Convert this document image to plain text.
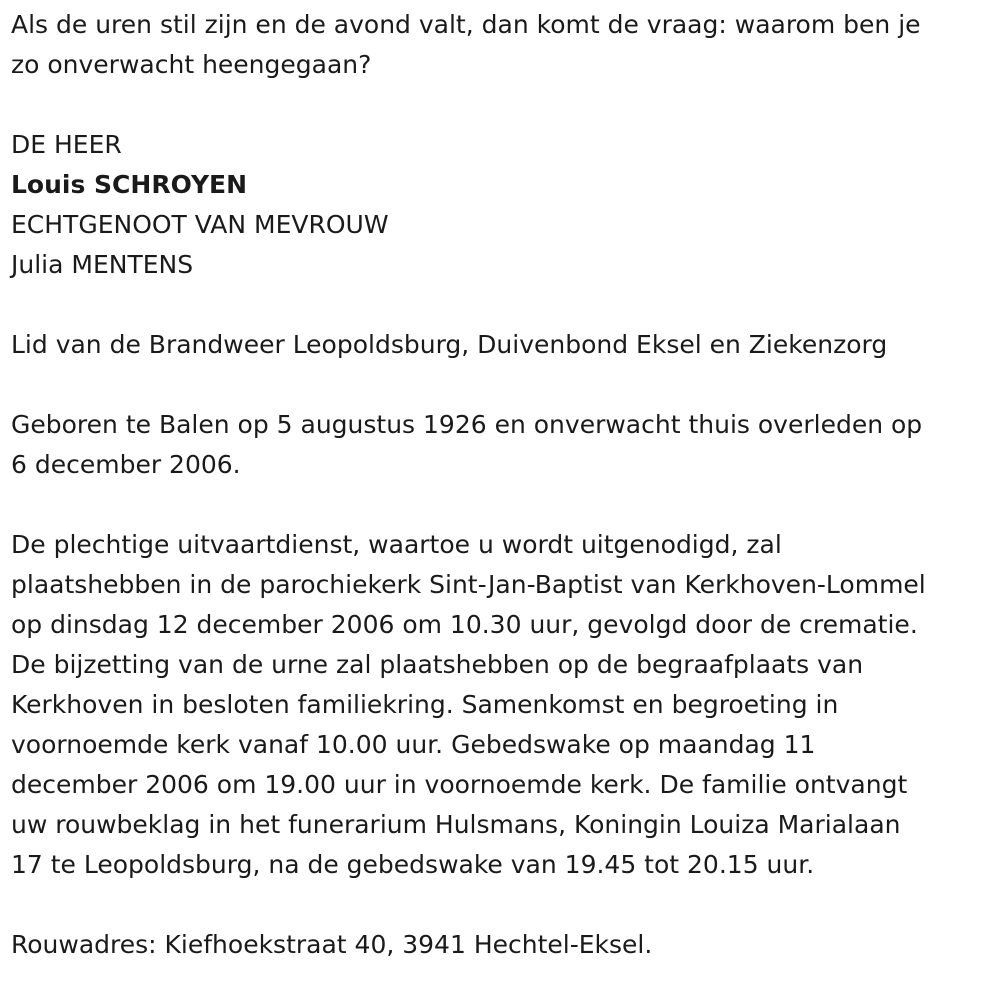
Als de uren stil zijn en de avond valt, dan komt de vraag: waarom ben je
zo onverwacht heengegaan?
DE HEER
Louis SCHROYEN
ECHTGENOOT VAN MEVROUW
Julia MENTENS
Lid van de Brandweer Leopoldsburg, Duivenbond Eksel en Ziekenzorg
Geboren te Balen op 5 augustus 1926 en onverwacht thuis overleden op
6 december 2006.
De plechtige uitvaartdienst, waartoe u wordt uitgenodigd, zal
plaatshebben in de parochiekerk Sint-Jan-Baptist van Kerkhoven-Lommel
op dinsdag 12 december 2006 om 10.30 uur, gevolgd door de crematie.
De bijzetting van de urne zal plaatshebben op de begraafplaats van
Kerkhoven in besloten familiekring. Samenkomst en begroeting in
voornoemde kerk vanaf 10.00 uur. Gebedswake op maandag 11
december 2006 om 19.00 uur in voornoemde kerk. De familie ontvangt
uw rouwbeklag in het funerarium Hulsmans, Koningin Louiza Marialaan
17 te Leopoldsburg, na de gebedswake van 19.45 tot 20.15 uur.
Rouwadres: Kiefhoekstraat 40, 3941 Hechtel-Eksel.
